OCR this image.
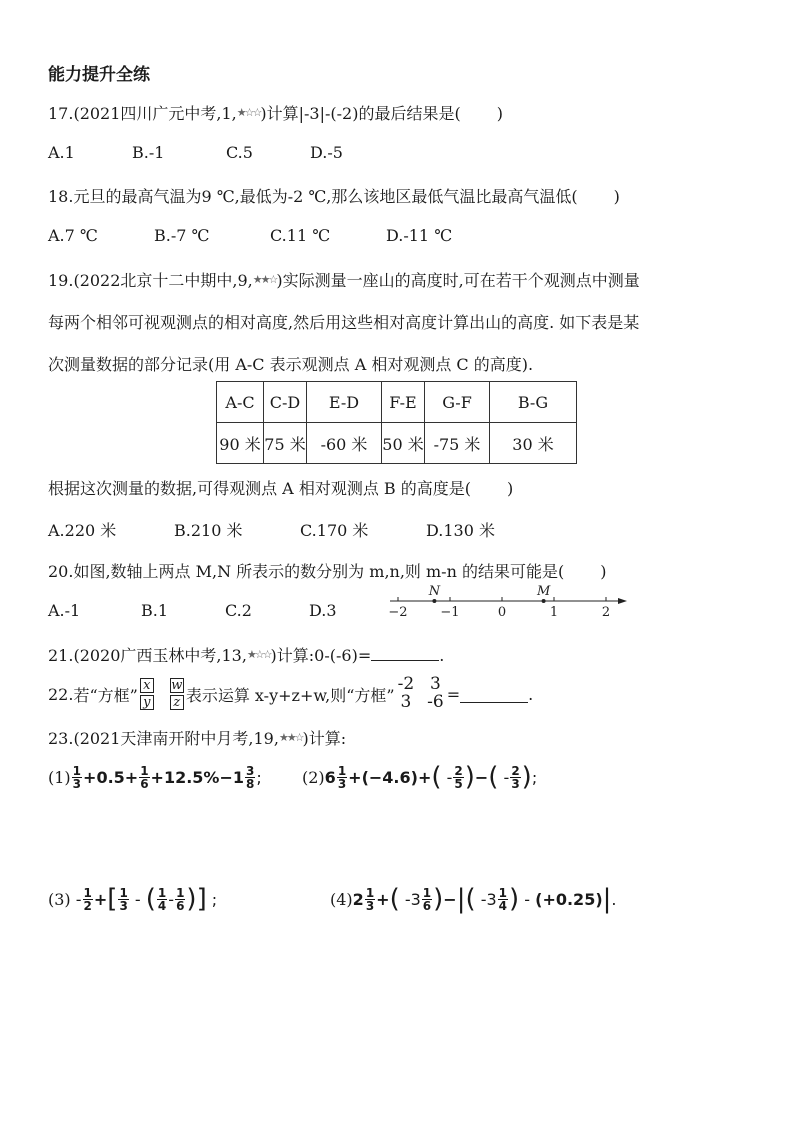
能力提升全练
17.(2021四川广元中考,1,★☆☆)计算|-3|-(-2)的最后结果是( )
A.1	B.-1	C.5	D.-5
18.元旦的最高气温为9 ℃,最低为-2 ℃,那么该地区最低气温比最高气温低( )
A.7 ℃	B.-7 ℃	C.11 ℃	D.-11 ℃
19.(2022北京十二中期中,9,★★☆)实际测量一座山的高度时,可在若干个观测点中测量
每两个相邻可视观测点的相对高度,然后用这些相对高度计算出山的高度. 如下表是某
次测量数据的部分记录(用 A-C 表示观测点 A 相对观测点 C 的高度).
A-C	C-D	E-D	F-E	G-F	B-G
90 米	75 米	-60 米	50 米	-75 米	30 米
根据这次测量的数据,可得观测点 A 相对观测点 B 的高度是( )
A.220 米	B.210 米	C.170 米	D.130 米
20.如图,数轴上两点 M,N 所表示的数分别为 m,n,则 m-n 的结果可能是( )
A.-1	B.1	C.2	D.3	−2	−1	0	1	2
N	M
21.(2020广西玉林中考,13,★☆☆)计算:0-(-6)=	.
22. 若“方框” x
y
w
z 表示运算 x-y+z+w,则“方框”
-2
3
3
-6 =	.
23.(2021天津南开附中月考,19,★★☆)计算:
$(1) \frac{1}{3} +0.5+ \frac{1}{6} +12.5\%-1 \frac{3}{8}$ ;	(2) $6 \frac{1}{3} +(-4.6)+$ ( - $\frac{2}{5}$ ) − ( - $\frac{2}{3}$ ) ;
$(3) - \frac{1}{2}$ + [ $\frac{1}{3}$ - ( $\frac{1}{4} - \frac{1}{6}$ )] ;	(4) $2 \frac{1}{3}$ + ( $-3 \frac{1}{6}$ ) − |( $-3 \frac{1}{4}$ ) - (+0.25) | .
